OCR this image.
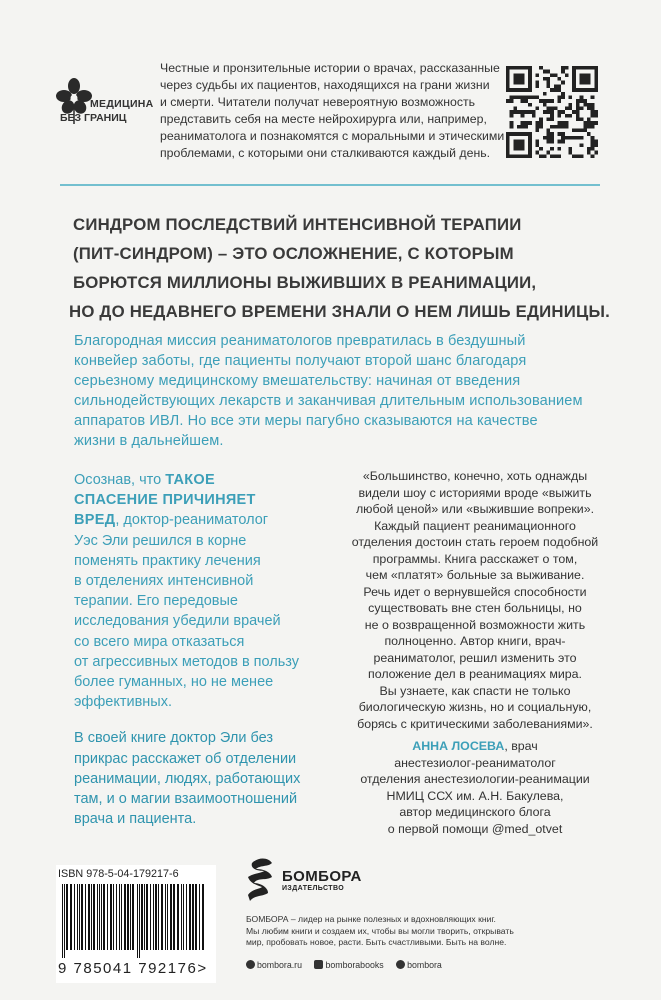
МЕДИЦИНА
БЕЗ ГРАНИЦ
Честные и пронзительные истории о врачах, рассказанные
через судьбы их пациентов, находящихся на грани жизни
и смерти. Читатели получат невероятную возможность
представить себя на месте нейрохирурга или, например,
реаниматолога и познакомятся с моральными и этическими
проблемами, с которыми они сталкиваются каждый день.
СИНДРОМ ПОСЛЕДСТВИЙ ИНТЕНСИВНОЙ ТЕРАПИИ
(ПИТ-СИНДРОМ) – ЭТО ОСЛОЖНЕНИЕ, С КОТОРЫМ
БОРЮТСЯ МИЛЛИОНЫ ВЫЖИВШИХ В РЕАНИМАЦИИ,
НО ДО НЕДАВНЕГО ВРЕМЕНИ ЗНАЛИ О НЕМ ЛИШЬ ЕДИНИЦЫ.
Благородная миссия реаниматологов превратилась в бездушный
конвейер заботы, где пациенты получают второй шанс благодаря
серьезному медицинскому вмешательству: начиная от введения
сильнодействующих лекарств и заканчивая длительным использованием
аппаратов ИВЛ. Но все эти меры пагубно сказываются на качестве
жизни в дальнейшем.

Осознав, что ТАКОЕ
СПАСЕНИЕ ПРИЧИНЯЕТ
ВРЕД, доктор-реаниматолог
Уэс Эли решился в корне
поменять практику лечения
в отделениях интенсивной
терапии. Его передовые
исследования убедили врачей
со всего мира отказаться
от агрессивных методов в пользу
более гуманных, но не менее
эффективных.

В своей книге доктор Эли без
прикрас расскажет об отделении
реанимации, людях, работающих
там, и о магии взаимоотношений
врача и пациента.

«Большинство, конечно, хоть однажды
видели шоу с историями вроде «выжить
любой ценой» или «выжившие вопреки».
Каждый пациент реанимационного
отделения достоин стать героем подобной
программы. Книга расскажет о том,
чем «платят» больные за выживание.
Речь идет о вернувшейся способности
существовать вне стен больницы, но
не о возвращенной возможности жить
полноценно. Автор книги, врач-
реаниматолог, решил изменить это
положение дел в реанимациях мира.
Вы узнаете, как спасти не только
биологическую жизнь, но и социальную,
борясь с критическими заболеваниями».
АННА ЛОСЕВА, врач
анестезиолог-реаниматолог
отделения анестезиологии-реанимации
НМИЦ ССХ им. А.Н. Бакулева,
автор медицинского блога
о первой помощи @med_otvet
ISBN 978-5-04-179217-6
9 785041 792176>
БОМБОРА
ИЗДАТЕЛЬСТВО
БОМБОРА – лидер на рынке полезных и вдохновляющих книг.
Мы любим книги и создаем их, чтобы вы могли творить, открывать
мир, пробовать новое, расти. Быть счастливыми. Быть на волне.
bombora.ru	bomborabooks	bombora
